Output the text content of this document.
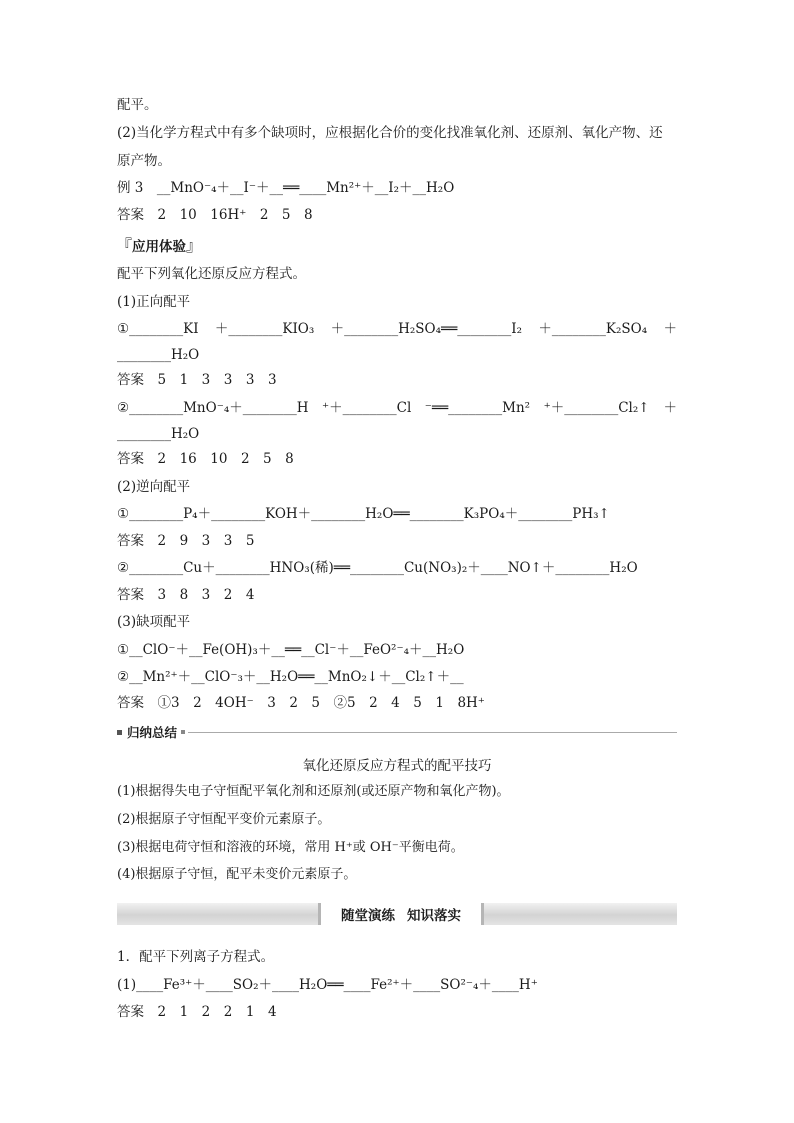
配平。
(2)当化学方程式中有多个缺项时，应根据化合价的变化找准氧化剂、还原剂、氧化产物、还
原产物。
例 3　__MnO⁻₄＋__I⁻＋__══____Mn²⁺＋__I₂＋__H₂O
答案　2　10　16H⁺　2　5　8
『应用体验』
配平下列氧化还原反应方程式。
(1)正向配平
①________KI ＋________KIO₃ ＋________H₂SO₄══________I₂ ＋________K₂SO₄ ＋
________H₂O
答案　5　1　3　3　3　3
②________MnO⁻₄＋________H　⁺＋________Cl　⁻══________Mn²　⁺＋________Cl₂↑ ＋
________H₂O
答案　2　16　10　2　5　8
(2)逆向配平
①________P₄＋________KOH＋________H₂O══________K₃PO₄＋________PH₃↑
答案　2　9　3　3　5
②________Cu＋________HNO₃(稀)══________Cu(NO₃)₂＋____NO↑＋________H₂O
答案　3　8　3　2　4
(3)缺项配平
①__ClO⁻＋__Fe(OH)₃＋__══__Cl⁻＋__FeO²⁻₄＋__H₂O
②__Mn²⁺＋__ClO⁻₃＋__H₂O══__MnO₂↓＋__Cl₂↑＋__
答案　①3　2　4OH⁻　3　2　5　②5　2　4　5　1　8H⁺
归纳总结
氧化还原反应方程式的配平技巧
(1)根据得失电子守恒配平氧化剂和还原剂(或还原产物和氧化产物)。
(2)根据原子守恒配平变价元素原子。
(3)根据电荷守恒和溶液的环境，常用 H⁺或 OH⁻平衡电荷。
(4)根据原子守恒，配平未变价元素原子。
随堂演练 知识落实
1．配平下列离子方程式。
(1)____Fe³⁺＋____SO₂＋____H₂O══____Fe²⁺＋____SO²⁻₄＋____H⁺
答案　2　1　2　2　1　4
